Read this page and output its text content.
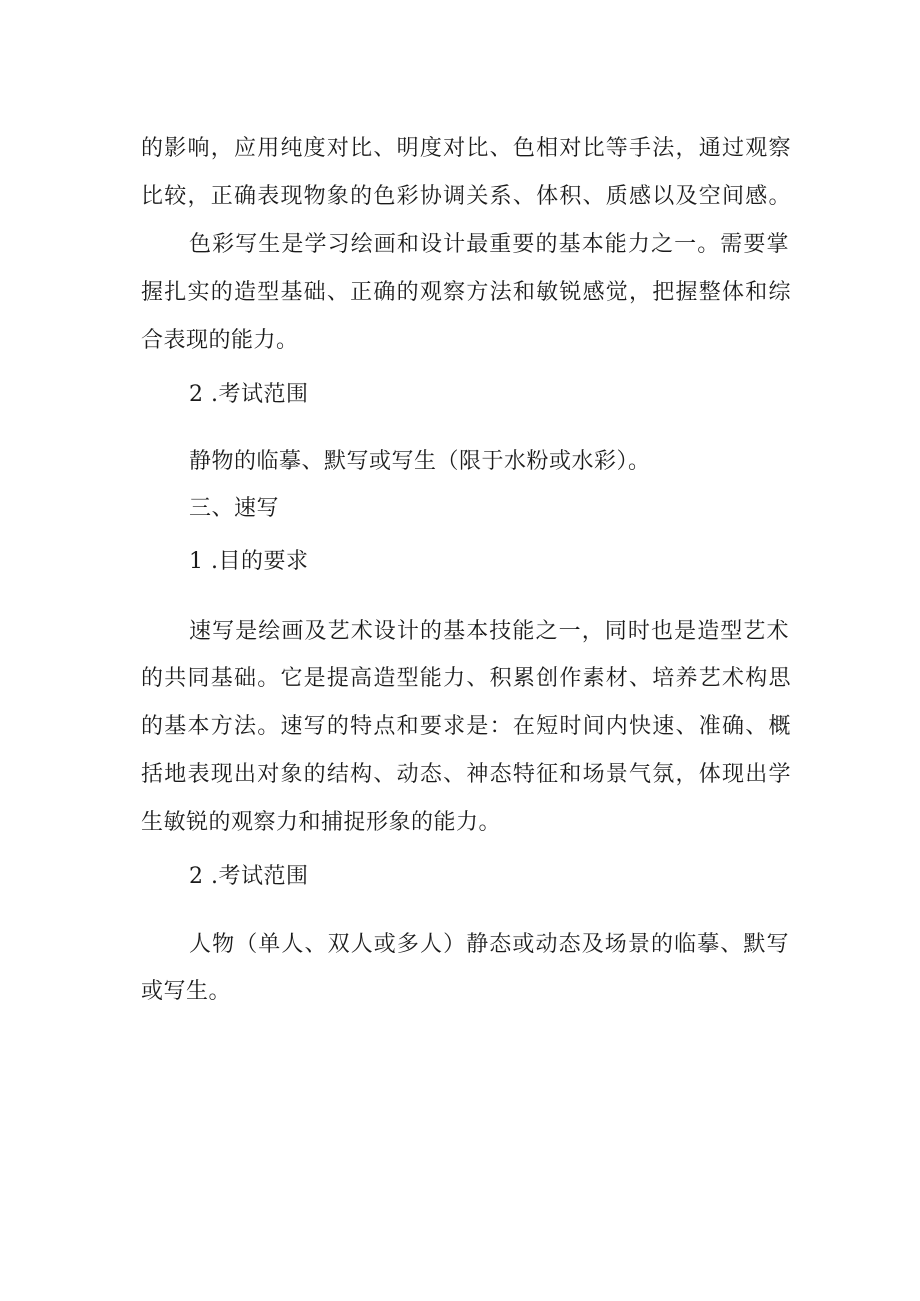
的影响，应用纯度对比、明度对比、色相对比等手法，通过观察
比较，正确表现物象的色彩协调关系、体积、质感以及空间感。
色彩写生是学习绘画和设计最重要的基本能力之一。需要掌
握扎实的造型基础、正确的观察方法和敏锐感觉，把握整体和综
合表现的能力。
2 .考试范围
静物的临摹、默写或写生（限于水粉或水彩）。
三、速写
1 .目的要求
速写是绘画及艺术设计的基本技能之一，同时也是造型艺术
的共同基础。它是提高造型能力、积累创作素材、培养艺术构思
的基本方法。速写的特点和要求是：在短时间内快速、准确、概
括地表现出对象的结构、动态、神态特征和场景气氛，体现出学
生敏锐的观察力和捕捉形象的能力。
2 .考试范围
人物（单人、双人或多人）静态或动态及场景的临摹、默写
或写生。
